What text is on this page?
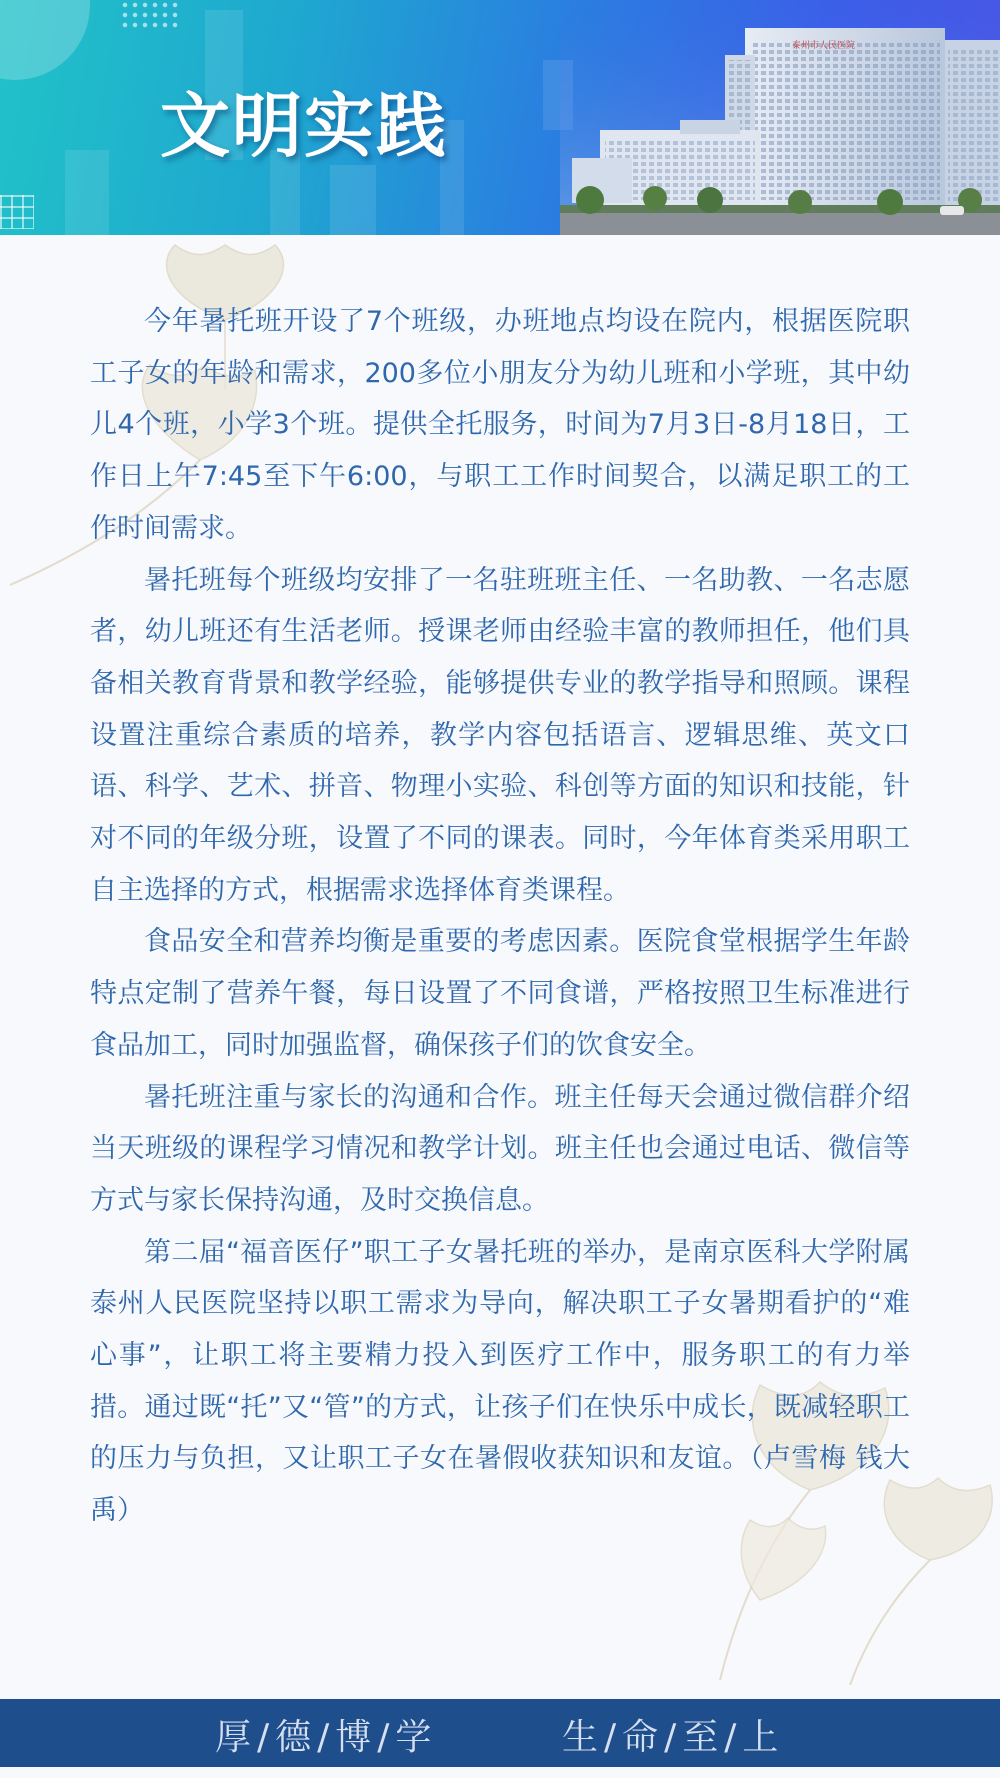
文明实践
泰州市人民医院

今年暑托班开设了7个班级，办班地点均设在院内，根据医院职工子女的年龄和需求，200多位小朋友分为幼儿班和小学班，其中幼儿4个班，小学3个班。提供全托服务，时间为7月3日-8月18日，工作日上午7:45至下午6:00，与职工工作时间契合，以满足职工的工作时间需求。

暑托班每个班级均安排了一名驻班班主任、一名助教、一名志愿者，幼儿班还有生活老师。授课老师由经验丰富的教师担任，他们具备相关教育背景和教学经验，能够提供专业的教学指导和照顾。课程设置注重综合素质的培养，教学内容包括语言、逻辑思维、英文口语、科学、艺术、拼音、物理小实验、科创等方面的知识和技能，针对不同的年级分班，设置了不同的课表。同时，今年体育类采用职工自主选择的方式，根据需求选择体育类课程。

食品安全和营养均衡是重要的考虑因素。医院食堂根据学生年龄特点定制了营养午餐，每日设置了不同食谱，严格按照卫生标准进行食品加工，同时加强监督，确保孩子们的饮食安全。

暑托班注重与家长的沟通和合作。班主任每天会通过微信群介绍当天班级的课程学习情况和教学计划。班主任也会通过电话、微信等方式与家长保持沟通，及时交换信息。

第二届“福音医仔”职工子女暑托班的举办，是南京医科大学附属泰州人民医院坚持以职工需求为导向，解决职工子女暑期看护的“难心事”，让职工将主要精力投入到医疗工作中，服务职工的有力举措。通过既“托”又“管”的方式，让孩子们在快乐中成长，既减轻职工的压力与负担，又让职工子女在暑假收获知识和友谊。（卢雪梅 钱大禹）

厚/德/博/学	生/命/至/上
